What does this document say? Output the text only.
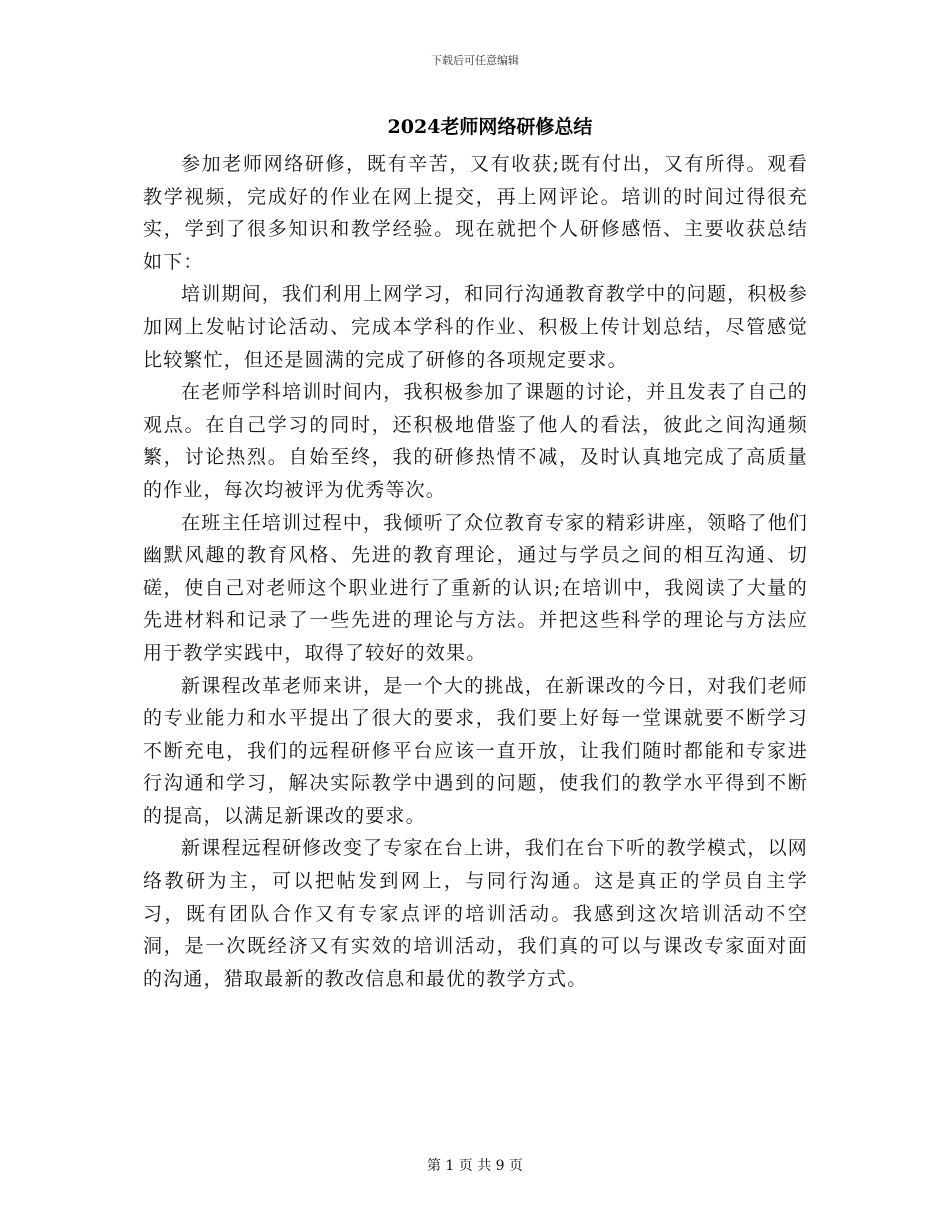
下载后可任意编辑
2024老师网络研修总结

参加老师网络研修，既有辛苦，又有收获;既有付出，又有所得。观看教学视频，完成好的作业在网上提交，再上网评论。培训的时间过得很充实，学到了很多知识和教学经验。现在就把个人研修感悟、主要收获总结如下：

培训期间，我们利用上网学习，和同行沟通教育教学中的问题，积极参加网上发帖讨论活动、完成本学科的作业、积极上传计划总结，尽管感觉比较繁忙，但还是圆满的完成了研修的各项规定要求。

在老师学科培训时间内，我积极参加了课题的讨论，并且发表了自己的观点。在自己学习的同时，还积极地借鉴了他人的看法，彼此之间沟通频繁，讨论热烈。自始至终，我的研修热情不减，及时认真地完成了高质量的作业，每次均被评为优秀等次。

在班主任培训过程中，我倾听了众位教育专家的精彩讲座，领略了他们幽默风趣的教育风格、先进的教育理论，通过与学员之间的相互沟通、切磋，使自己对老师这个职业进行了重新的认识;在培训中，我阅读了大量的先进材料和记录了一些先进的理论与方法。并把这些科学的理论与方法应用于教学实践中，取得了较好的效果。

新课程改革老师来讲，是一个大的挑战，在新课改的今日，对我们老师的专业能力和水平提出了很大的要求，我们要上好每一堂课就要不断学习不断充电，我们的远程研修平台应该一直开放，让我们随时都能和专家进行沟通和学习，解决实际教学中遇到的问题，使我们的教学水平得到不断的提高，以满足新课改的要求。

新课程远程研修改变了专家在台上讲，我们在台下听的教学模式，以网络教研为主，可以把帖发到网上，与同行沟通。这是真正的学员自主学习，既有团队合作又有专家点评的培训活动。我感到这次培训活动不空洞，是一次既经济又有实效的培训活动，我们真的可以与课改专家面对面的沟通，猎取最新的教改信息和最优的教学方式。

第 1 页 共 9 页
